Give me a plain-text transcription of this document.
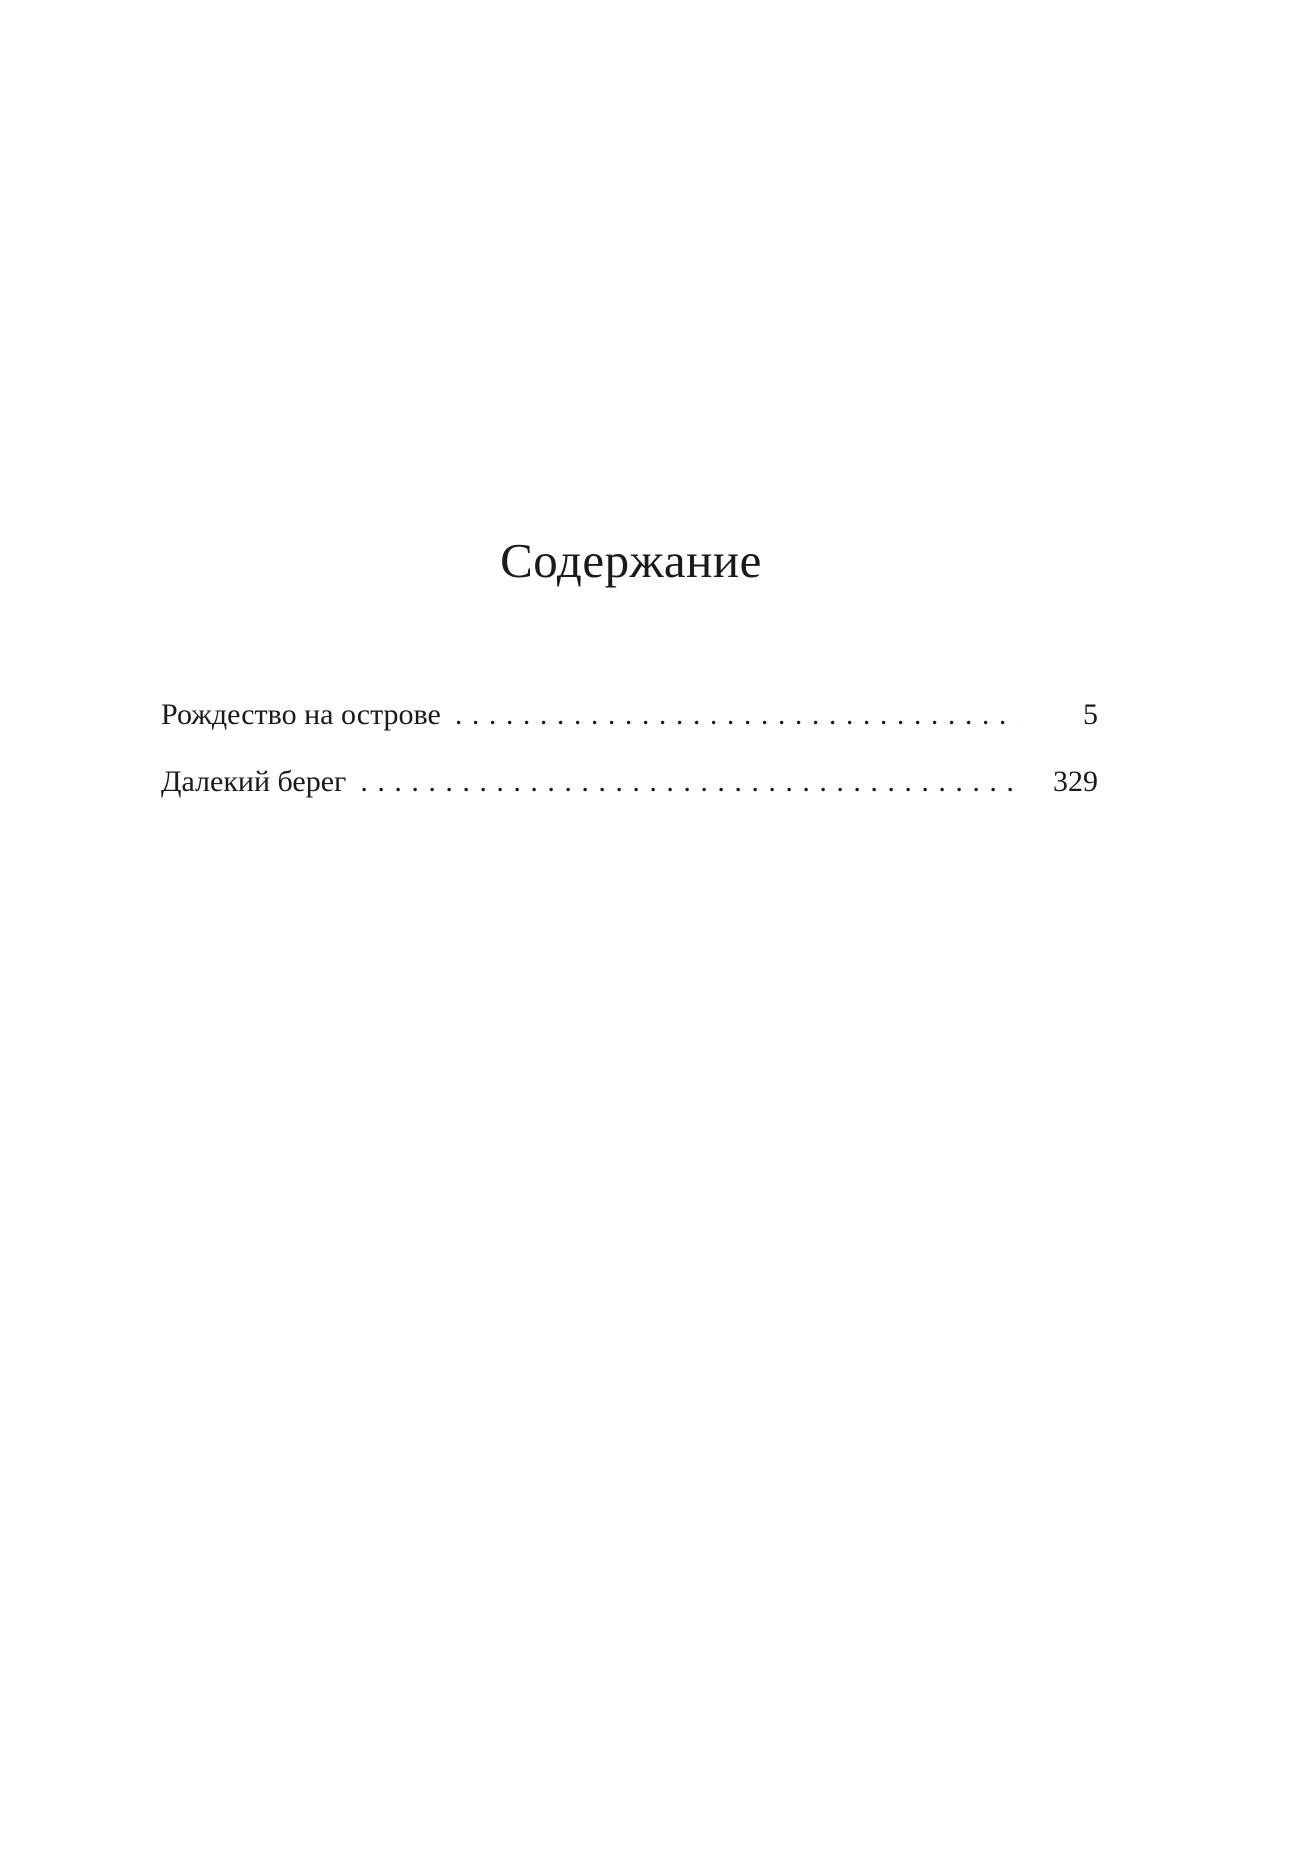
Содержание
Рождество на острове . . .	5
Далекий берег . . .	329
